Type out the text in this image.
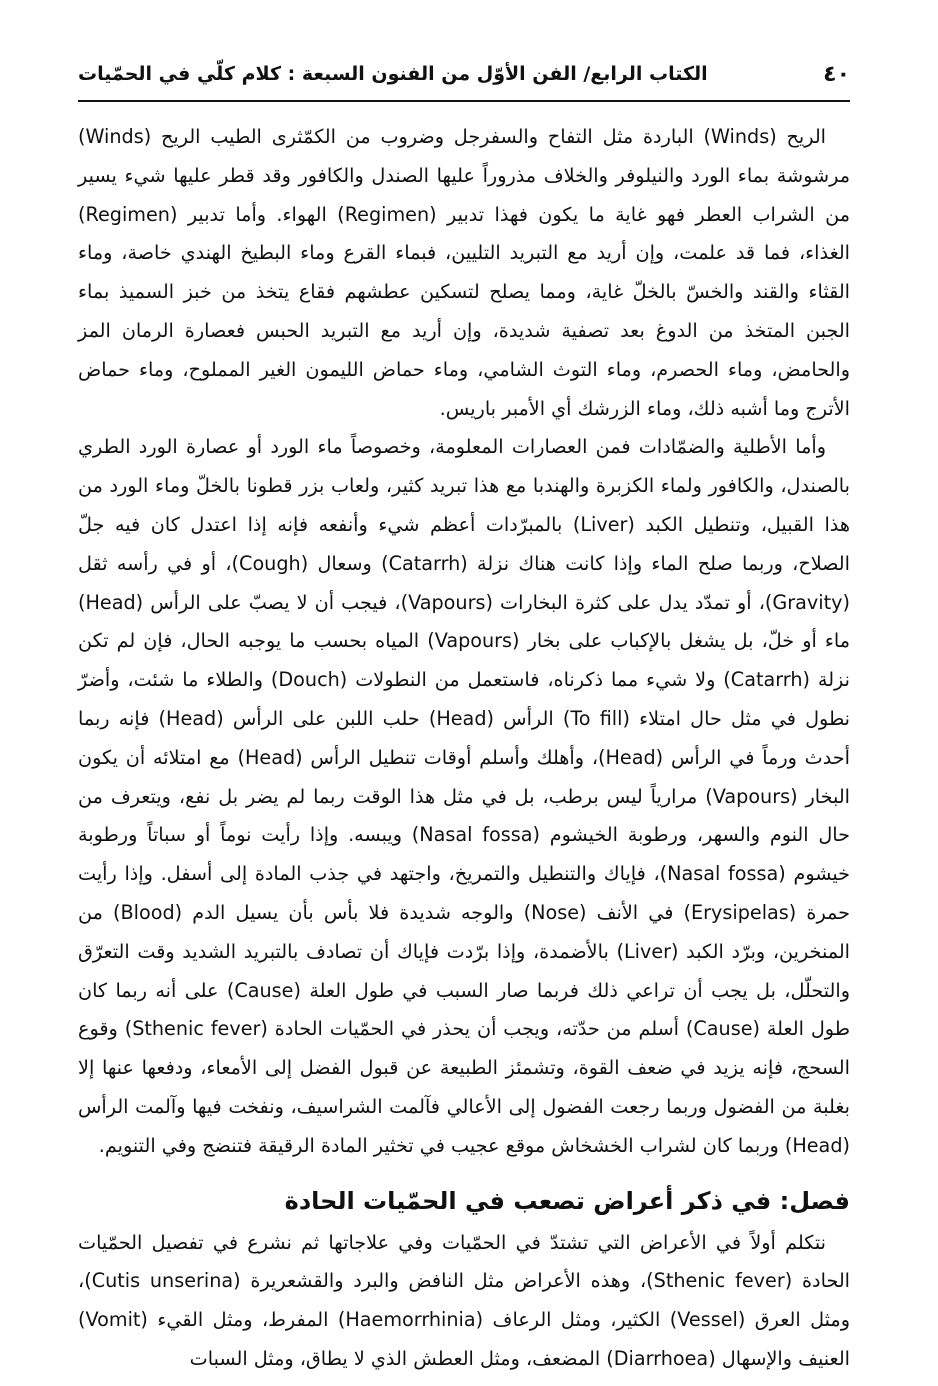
الكتاب الرابع/ الفن الأوّل من الفنون السبعة : كلام كلّي في الحمّيات	٤٠

الريح (Winds) الباردة مثل التفاح والسفرجل وضروب من الكمّثرى الطيب الريح (Winds) مرشوشة بماء الورد والنيلوفر والخلاف مذروراً عليها الصندل والكافور وقد قطر عليها شيء يسير من الشراب العطر فهو غاية ما يكون فهذا تدبير (Regimen) الهواء. وأما تدبير (Regimen) الغذاء، فما قد علمت، وإن أريد مع التبريد التليين، فبماء القرع وماء البطيخ الهندي خاصة، وماء القثاء والقند والخسّ بالخلّ غاية، ومما يصلح لتسكين عطشهم فقاع يتخذ من خبز السميذ بماء الجبن المتخذ من الدوغ بعد تصفية شديدة، وإن أريد مع التبريد الحبس فعصارة الرمان المز والحامض، وماء الحصرم، وماء التوث الشامي، وماء حماض الليمون الغير المملوح، وماء حماض الأترج وما أشبه ذلك، وماء الزرشك أي الأمبر باريس.

وأما الأطلية والضمّادات فمن العصارات المعلومة، وخصوصاً ماء الورد أو عصارة الورد الطري بالصندل، والكافور ولماء الكزبرة والهندبا مع هذا تبريد كثير، ولعاب بزر قطونا بالخلّ وماء الورد من هذا القبيل، وتنطيل الكبد (Liver) بالمبرّدات أعظم شيء وأنفعه فإنه إذا اعتدل كان فيه جلّ الصلاح، وربما صلح الماء وإذا كانت هناك نزلة (Catarrh) وسعال (Cough)، أو في رأسه ثقل (Gravity)، أو تمدّد يدل على كثرة البخارات (Vapours)، فيجب أن لا يصبّ على الرأس (Head) ماء أو خلّ، بل يشغل بالإكباب على بخار (Vapours) المياه بحسب ما يوجبه الحال، فإن لم تكن نزلة (Catarrh) ولا شيء مما ذكرناه، فاستعمل من النطولات (Douch) والطلاء ما شئت، وأضرّ نطول في مثل حال امتلاء (To fill) الرأس (Head) حلب اللبن على الرأس (Head) فإنه ربما أحدث ورماً في الرأس (Head)، وأهلك وأسلم أوقات تنطيل الرأس (Head) مع امتلائه أن يكون البخار (Vapours) مرارياً ليس برطب، بل في مثل هذا الوقت ربما لم يضر بل نفع، ويتعرف من حال النوم والسهر، ورطوبة الخيشوم (Nasal fossa) ويبسه. وإذا رأيت نوماً أو سباتاً ورطوبة خيشوم (Nasal fossa)، فإياك والتنطيل والتمريخ، واجتهد في جذب المادة إلى أسفل. وإذا رأيت حمرة (Erysipelas) في الأنف (Nose) والوجه شديدة فلا بأس بأن يسيل الدم (Blood) من المنخرين، وبرّد الكبد (Liver) بالأضمدة، وإذا برّدت فإياك أن تصادف بالتبريد الشديد وقت التعرّق والتحلّل، بل يجب أن تراعي ذلك فربما صار السبب في طول العلة (Cause) على أنه ربما كان طول العلة (Cause) أسلم من حدّته، ويجب أن يحذر في الحمّيات الحادة (Sthenic fever) وقوع السحج، فإنه يزيد في ضعف القوة، وتشمئز الطبيعة عن قبول الفضل إلى الأمعاء، ودفعها عنها إلا بغلبة من الفضول وربما رجعت الفضول إلى الأعالي فآلمت الشراسيف، ونفخت فيها وآلمت الرأس (Head) وربما كان لشراب الخشخاش موقع عجيب في تخثير المادة الرقيقة فتنضج وفي التنويم.

فصل: في ذكر أعراض تصعب في الحمّيات الحادة

نتكلم أولاً في الأعراض التي تشتدّ في الحمّيات وفي علاجاتها ثم نشرع في تفصيل الحمّيات الحادة (Sthenic fever)، وهذه الأعراض مثل النافض والبرد والقشعريرة (Cutis unserina)، ومثل العرق (Vessel) الكثير، ومثل الرعاف (Haemorrhinia) المفرط، ومثل القيء (Vomit) العنيف والإسهال (Diarrhoea) المضعف، ومثل العطش الذي لا يطاق، ومثل السبات
